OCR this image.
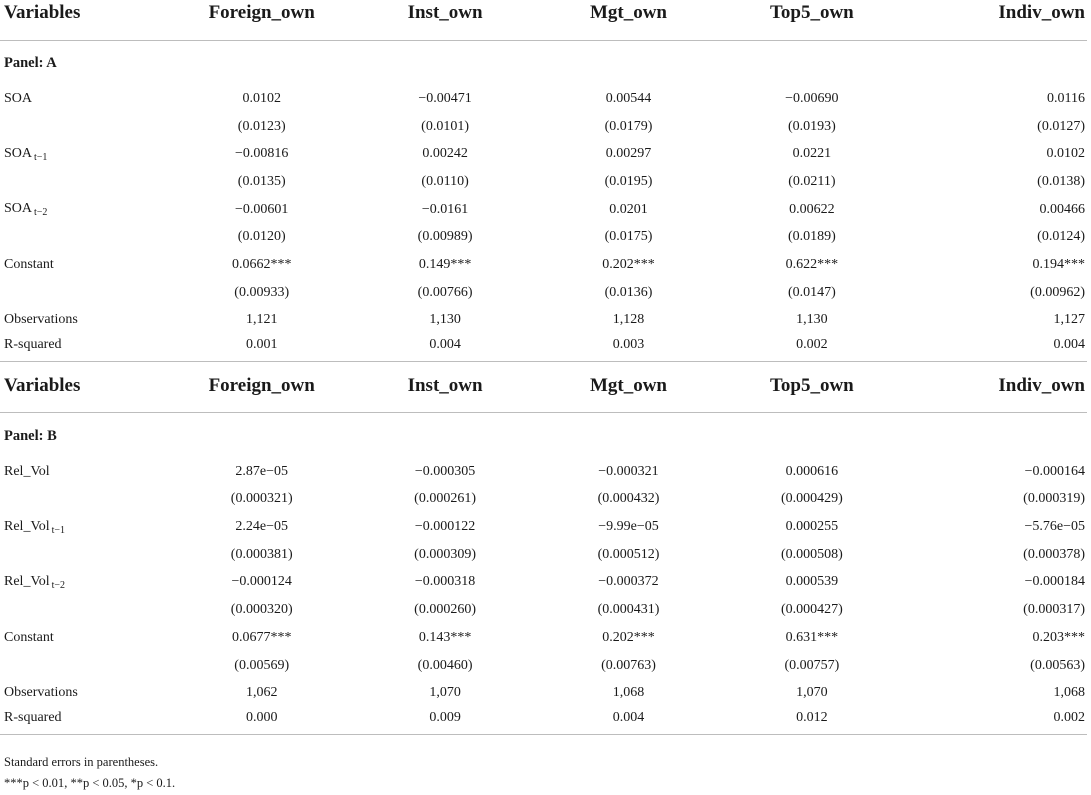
Variables	Foreign_own	Inst_own	Mgt_own	Top5_own	Indiv_own
Panel: A					
SOA	0.0102	−0.00471	0.00544	−0.00690	0.0116
	(0.0123)	(0.0101)	(0.0179)	(0.0193)	(0.0127)
SOA $_{t-1}$	−0.00816	0.00242	0.00297	0.0221	0.0102
	(0.0135)	(0.0110)	(0.0195)	(0.0211)	(0.0138)
SOA $_{t-2}$	−0.00601	−0.0161	0.0201	0.00622	0.00466
	(0.0120)	(0.00989)	(0.0175)	(0.0189)	(0.0124)
Constant	0.0662***	0.149***	0.202***	0.622***	0.194***
	(0.00933)	(0.00766)	(0.0136)	(0.0147)	(0.00962)
Observations	1,121	1,130	1,128	1,130	1,127
R-squared	0.001	0.004	0.003	0.002	0.004
Variables	Foreign_own	Inst_own	Mgt_own	Top5_own	Indiv_own
Panel: B					
Rel_Vol	2.87e−05	−0.000305	−0.000321	0.000616	−0.000164
	(0.000321)	(0.000261)	(0.000432)	(0.000429)	(0.000319)
Rel_Vol $_{t-1}$	2.24e−05	−0.000122	−9.99e−05	0.000255	−5.76e−05
	(0.000381)	(0.000309)	(0.000512)	(0.000508)	(0.000378)
Rel_Vol $_{t-2}$	−0.000124	−0.000318	−0.000372	0.000539	−0.000184
	(0.000320)	(0.000260)	(0.000431)	(0.000427)	(0.000317)
Constant	0.0677***	0.143***	0.202***	0.631***	0.203***
	(0.00569)	(0.00460)	(0.00763)	(0.00757)	(0.00563)
Observations	1,062	1,070	1,068	1,070	1,068
R-squared	0.000	0.009	0.004	0.012	0.002
Standard errors in parentheses.
***p < 0.01, **p < 0.05, *p < 0.1.
